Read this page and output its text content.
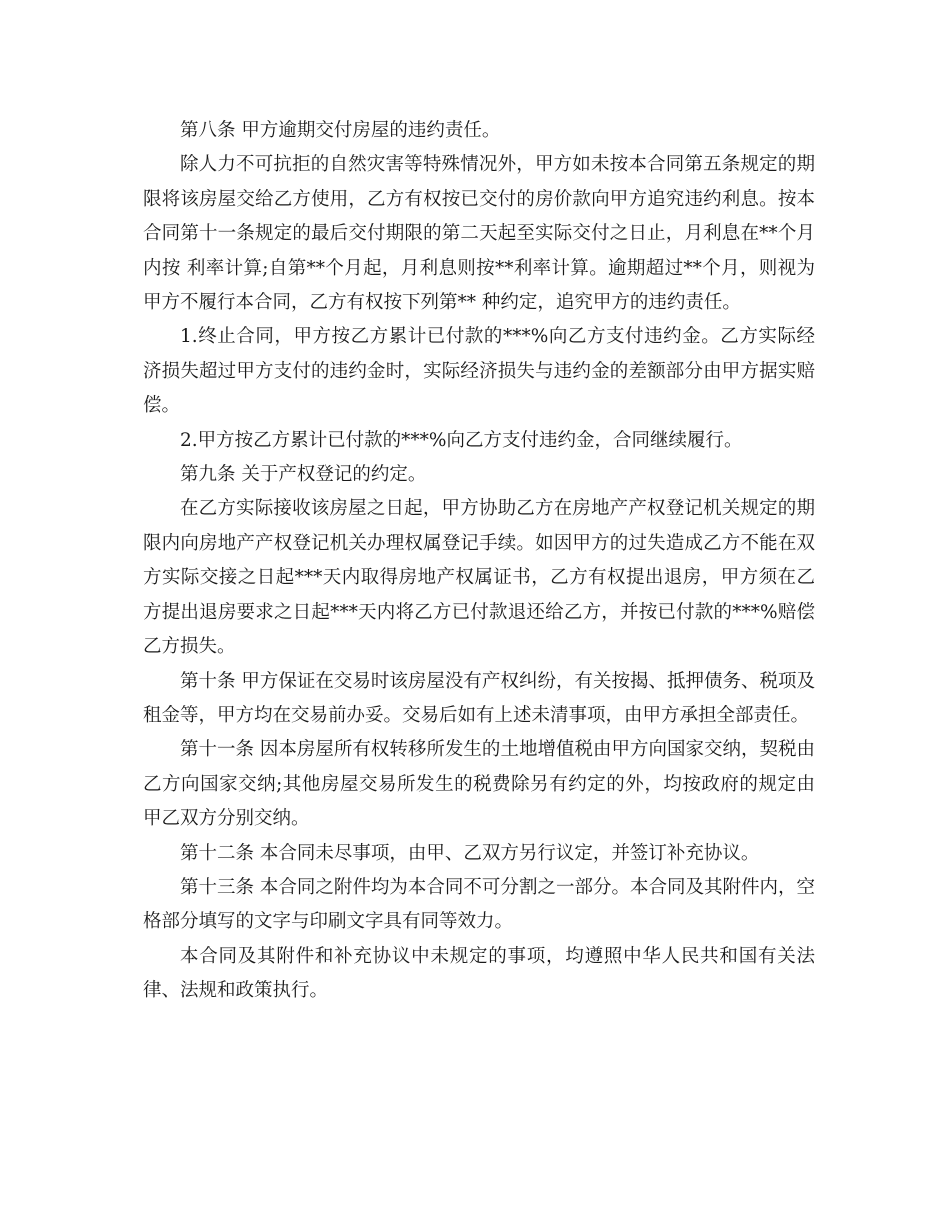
第八条 甲方逾期交付房屋的违约责任。

除人力不可抗拒的自然灾害等特殊情况外，甲方如未按本合同第五条规定的期限将该房屋交给乙方使用，乙方有权按已交付的房价款向甲方追究违约利息。按本合同第十一条规定的最后交付期限的第二天起至实际交付之日止，月利息在**个月内按 利率计算;自第**个月起，月利息则按**利率计算。逾期超过**个月，则视为甲方不履行本合同，乙方有权按下列第** 种约定，追究甲方的违约责任。

1.终止合同，甲方按乙方累计已付款的***%向乙方支付违约金。乙方实际经济损失超过甲方支付的违约金时，实际经济损失与违约金的差额部分由甲方据实赔偿。

2.甲方按乙方累计已付款的***%向乙方支付违约金，合同继续履行。

第九条 关于产权登记的约定。

在乙方实际接收该房屋之日起，甲方协助乙方在房地产产权登记机关规定的期限内向房地产产权登记机关办理权属登记手续。如因甲方的过失造成乙方不能在双方实际交接之日起***天内取得房地产权属证书，乙方有权提出退房，甲方须在乙方提出退房要求之日起***天内将乙方已付款退还给乙方，并按已付款的***%赔偿乙方损失。

第十条 甲方保证在交易时该房屋没有产权纠纷，有关按揭、抵押债务、税项及租金等，甲方均在交易前办妥。交易后如有上述未清事项，由甲方承担全部责任。

第十一条 因本房屋所有权转移所发生的土地增值税由甲方向国家交纳，契税由乙方向国家交纳;其他房屋交易所发生的税费除另有约定的外，均按政府的规定由甲乙双方分别交纳。

第十二条 本合同未尽事项，由甲、乙双方另行议定，并签订补充协议。

第十三条 本合同之附件均为本合同不可分割之一部分。本合同及其附件内，空格部分填写的文字与印刷文字具有同等效力。

本合同及其附件和补充协议中未规定的事项，均遵照中华人民共和国有关法律、法规和政策执行。
